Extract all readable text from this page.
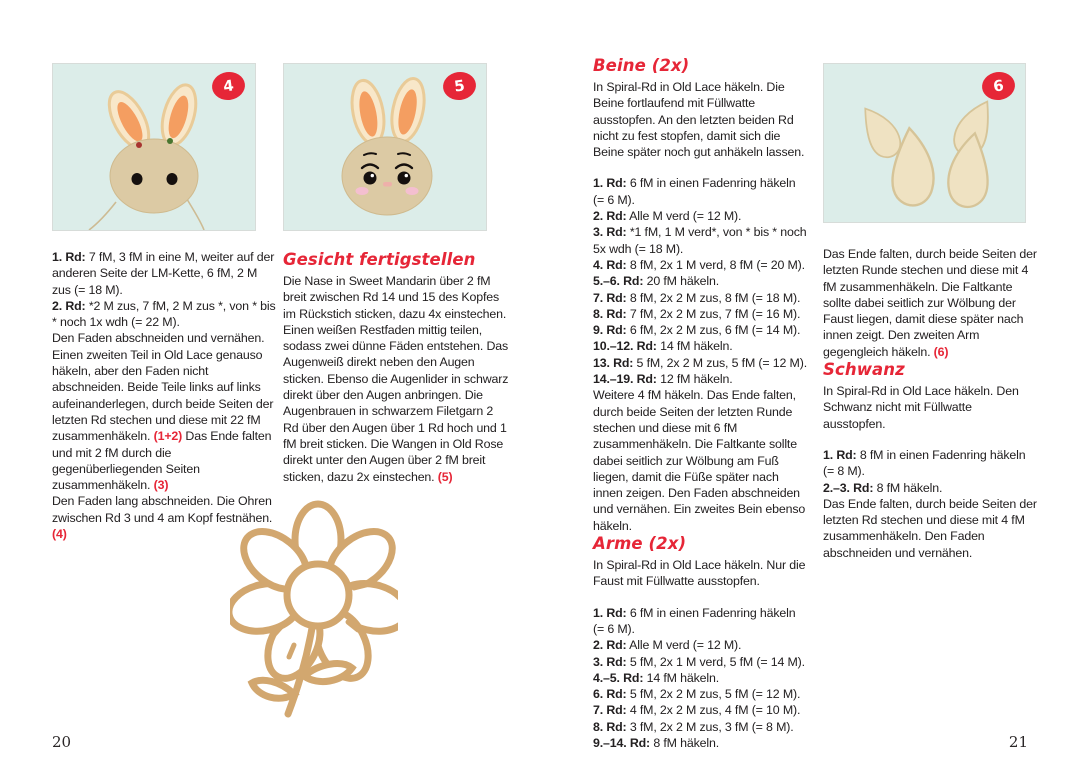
4	5	6
1. Rd: 7 fM, 3 fM in eine M, weiter auf der anderen Seite der LM-Kette, 6 fM, 2 M zus (= 18 M).
2. Rd: *2 M zus, 7 fM, 2 M zus *, von * bis * noch 1x wdh (= 22 M).

Den Faden abschneiden und vernähen. Einen zweiten Teil in Old Lace genauso häkeln, aber den Faden nicht abschneiden. Beide Teile links auf links aufeinanderlegen, durch beide Seiten der letzten Rd stechen und diese mit 22 fM zusammenhäkeln. (1+2) Das Ende falten und mit 2 fM durch die gegenüberliegenden Seiten zusammenhäkeln. (3)

Den Faden lang abschneiden. Die Ohren zwischen Rd 3 und 4 am Kopf festnähen. (4)

Gesicht fertigstellen

Die Nase in Sweet Mandarin über 2 fM breit zwischen Rd 14 und 15 des Kopfes im Rückstich sticken, dazu 4x einstechen. Einen weißen Restfaden mittig teilen, sodass zwei dünne Fäden entstehen. Das Augenweiß direkt neben den Augen sticken. Ebenso die Augenlider in schwarz direkt über den Augen anbringen. Die Augenbrauen in schwarzem Filetgarn 2 Rd über den Augen über 1 Rd hoch und 1 fM breit sticken. Die Wangen in Old Rose direkt unter den Augen über 2 fM breit sticken, dazu 2x einstechen. (5)

Beine (2x)

In Spiral-Rd in Old Lace häkeln. Die Beine fortlaufend mit Füllwatte ausstopfen. An den letzten beiden Rd nicht zu fest stopfen, damit sich die Beine später noch gut anhäkeln lassen.

1. Rd: 6 fM in einen Fadenring häkeln (= 6 M).
2. Rd: Alle M verd (= 12 M).
3. Rd: *1 fM, 1 M verd*, von * bis * noch 5x wdh (= 18 M).
4. Rd: 8 fM, 2x 1 M verd, 8 fM (= 20 M).
5.–6. Rd: 20 fM häkeln.
7. Rd: 8 fM, 2x 2 M zus, 8 fM (= 18 M).
8. Rd: 7 fM, 2x 2 M zus, 7 fM (= 16 M).
9. Rd: 6 fM, 2x 2 M zus, 6 fM (= 14 M).
10.–12. Rd: 14 fM häkeln.
13. Rd: 5 fM, 2x 2 M zus, 5 fM (= 12 M).
14.–19. Rd: 12 fM häkeln.

Weitere 4 fM häkeln. Das Ende falten, durch beide Seiten der letzten Runde stechen und diese mit 6 fM zusammenhäkeln. Die Faltkante sollte dabei seitlich zur Wölbung am Fuß liegen, damit die Füße später nach innen zeigen. Den Faden abschneiden und vernähen. Ein zweites Bein ebenso häkeln.

Arme (2x)

In Spiral-Rd in Old Lace häkeln. Nur die Faust mit Füllwatte ausstopfen.

1. Rd: 6 fM in einen Fadenring häkeln (= 6 M).
2. Rd: Alle M verd (= 12 M).
3. Rd: 5 fM, 2x 1 M verd, 5 fM (= 14 M).
4.–5. Rd: 14 fM häkeln.
6. Rd: 5 fM, 2x 2 M zus, 5 fM (= 12 M).
7. Rd: 4 fM, 2x 2 M zus, 4 fM (= 10 M).
8. Rd: 3 fM, 2x 2 M zus, 3 fM (= 8 M).
9.–14. Rd: 8 fM häkeln.

Das Ende falten, durch beide Seiten der letzten Runde stechen und diese mit 4 fM zusammenhäkeln. Die Faltkante sollte dabei seitlich zur Wölbung der Faust liegen, damit diese später nach innen zeigt. Den zweiten Arm gegengleich häkeln. (6)

Schwanz

In Spiral-Rd in Old Lace häkeln. Den Schwanz nicht mit Füllwatte ausstopfen.

1. Rd: 8 fM in einen Fadenring häkeln (= 8 M).
2.–3. Rd: 8 fM häkeln.

Das Ende falten, durch beide Seiten der letzten Rd stechen und diese mit 4 fM zusammenhäkeln. Den Faden abschneiden und vernähen.

20	21
